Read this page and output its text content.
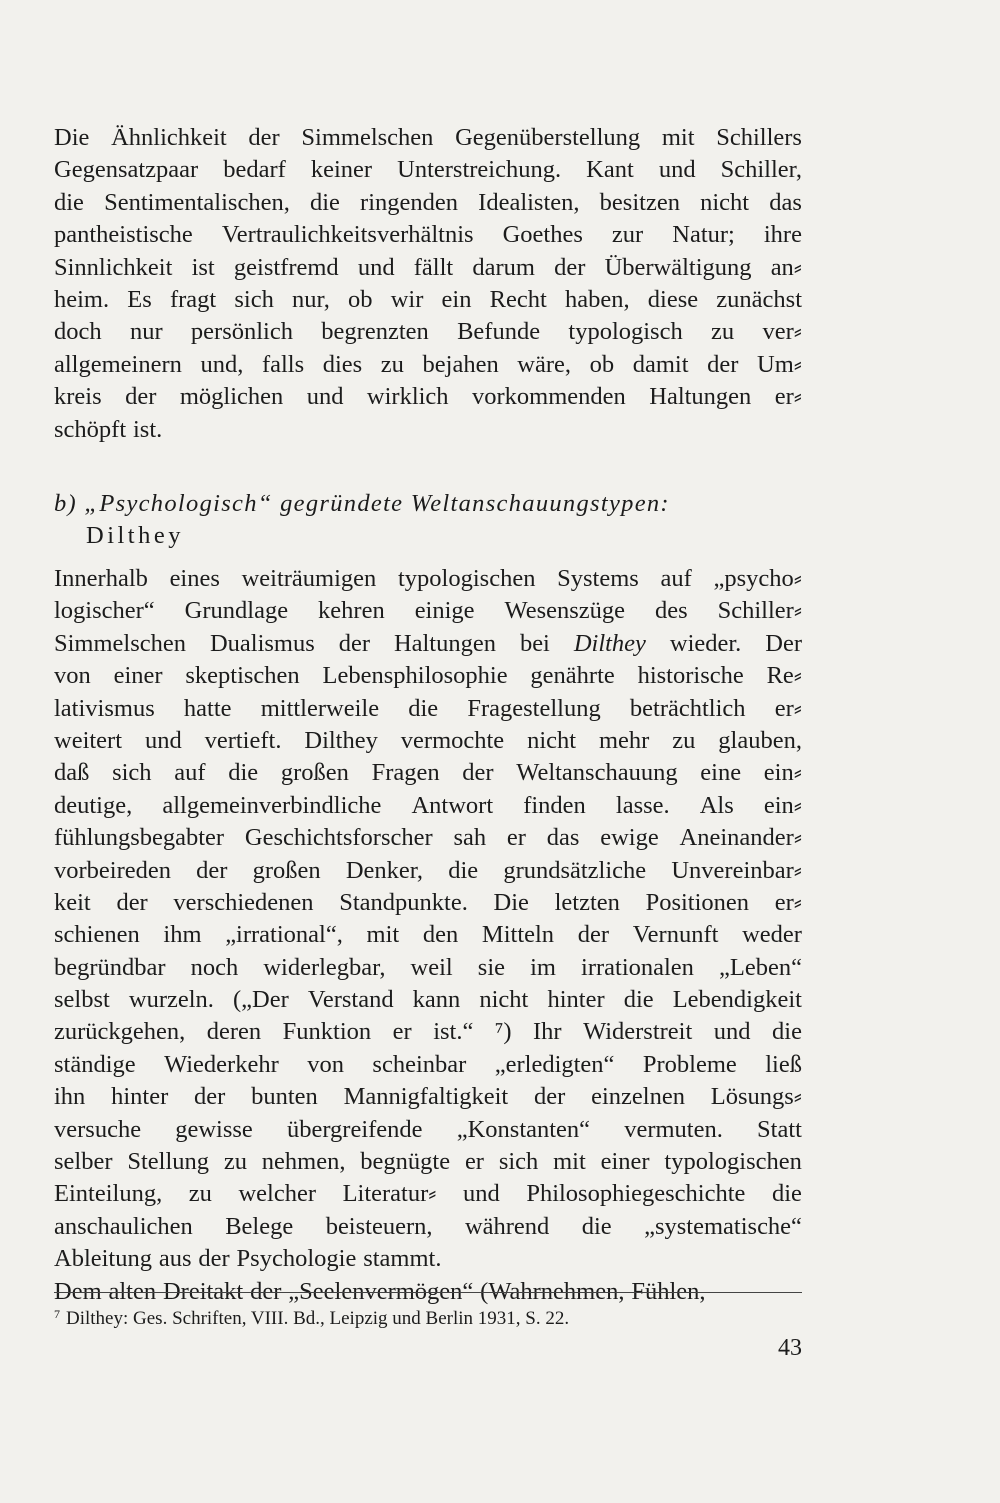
Die Ähnlichkeit der Simmelschen Gegenüberstellung mit Schillers
Gegensatzpaar bedarf keiner Unterstreichung. Kant und Schiller,
die Sentimentalischen, die ringenden Idealisten, besitzen nicht das
pantheistische Vertraulichkeitsverhältnis Goethes zur Natur; ihre
Sinnlichkeit ist geistfremd und fällt darum der Überwältigung an⸗
heim. Es fragt sich nur, ob wir ein Recht haben, diese zunächst
doch nur persönlich begrenzten Befunde typologisch zu ver⸗
allgemeinern und, falls dies zu bejahen wäre, ob damit der Um⸗
kreis der möglichen und wirklich vorkommenden Haltungen er⸗
schöpft ist.
b) „Psychologisch“ gegründete Weltanschauungstypen:
Dilthey
Innerhalb eines weiträumigen typologischen Systems auf „psycho⸗
logischer“ Grundlage kehren einige Wesenszüge des Schiller⸗
Simmelschen Dualismus der Haltungen bei Dilthey wieder. Der
von einer skeptischen Lebensphilosophie genährte historische Re⸗
lativismus hatte mittlerweile die Fragestellung beträchtlich er⸗
weitert und vertieft. Dilthey vermochte nicht mehr zu glauben,
daß sich auf die großen Fragen der Weltanschauung eine ein⸗
deutige, allgemeinverbindliche Antwort finden lasse. Als ein⸗
fühlungsbegabter Geschichtsforscher sah er das ewige Aneinander⸗
vorbeireden der großen Denker, die grundsätzliche Unvereinbar⸗
keit der verschiedenen Standpunkte. Die letzten Positionen er⸗
schienen ihm „irrational“, mit den Mitteln der Vernunft weder
begründbar noch widerlegbar, weil sie im irrationalen „Leben“
selbst wurzeln. („Der Verstand kann nicht hinter die Lebendigkeit
zurückgehen, deren Funktion er ist.“ ⁷) Ihr Widerstreit und die
ständige Wiederkehr von scheinbar „erledigten“ Probleme ließ
ihn hinter der bunten Mannigfaltigkeit der einzelnen Lösungs⸗
versuche gewisse übergreifende „Konstanten“ vermuten. Statt
selber Stellung zu nehmen, begnügte er sich mit einer typologischen
Einteilung, zu welcher Literatur⸗ und Philosophiegeschichte die
anschaulichen Belege beisteuern, während die „systematische“
Ableitung aus der Psychologie stammt.
Dem alten Dreitakt der „Seelenvermögen“ (Wahrnehmen, Fühlen,
$^7$ Dilthey: Ges. Schriften, VIII. Bd., Leipzig und Berlin 1931, S. 22.
43
